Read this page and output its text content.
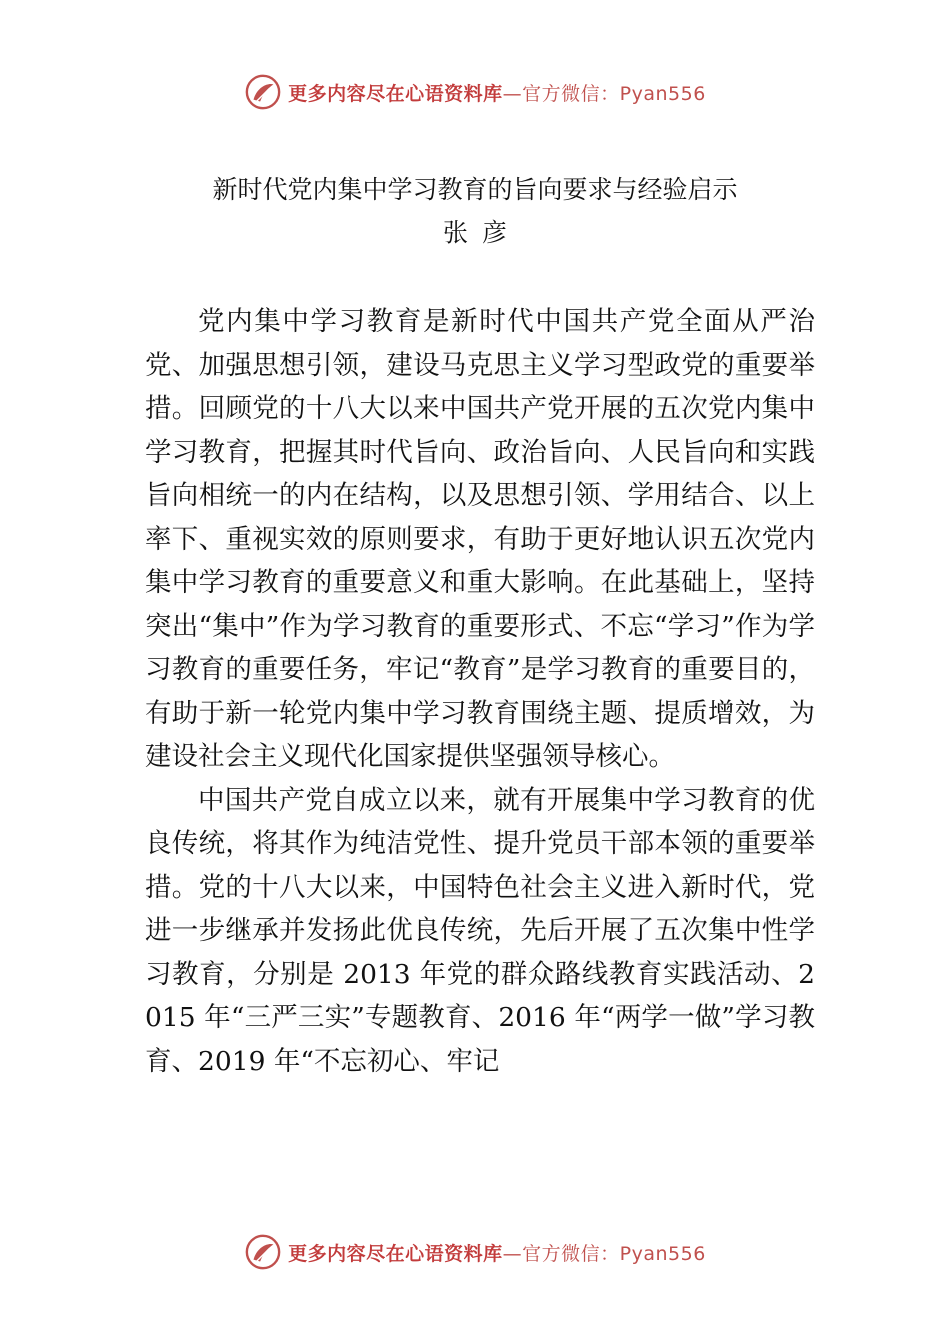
更多内容尽在心语资料库—官方微信：Pyan556
新时代党内集中学习教育的旨向要求与经验启示
张彦

党内集中学习教育是新时代中国共产党全面从严治党、加强思想引领，建设马克思主义学习型政党的重要举措。回顾党的十八大以来中国共产党开展的五次党内集中学习教育，把握其时代旨向、政治旨向、人民旨向和实践旨向相统一的内在结构，以及思想引领、学用结合、以上率下、重视实效的原则要求，有助于更好地认识五次党内集中学习教育的重要意义和重大影响。在此基础上，坚持突出“集中”作为学习教育的重要形式、不忘“学习”作为学习教育的重要任务，牢记“教育”是学习教育的重要目的，有助于新一轮党内集中学习教育围绕主题、提质增效，为建设社会主义现代化国家提供坚强领导核心。

中国共产党自成立以来，就有开展集中学习教育的优良传统，将其作为纯洁党性、提升党员干部本领的重要举措。党的十八大以来，中国特色社会主义进入新时代，党进一步继承并发扬此优良传统，先后开展了五次集中性学习教育，分别是 2013 年党的群众路线教育实践活动、2015 年“三严三实”专题教育、2016 年“两学一做”学习教育、2019 年“不忘初心、牢记

更多内容尽在心语资料库—官方微信：Pyan556
